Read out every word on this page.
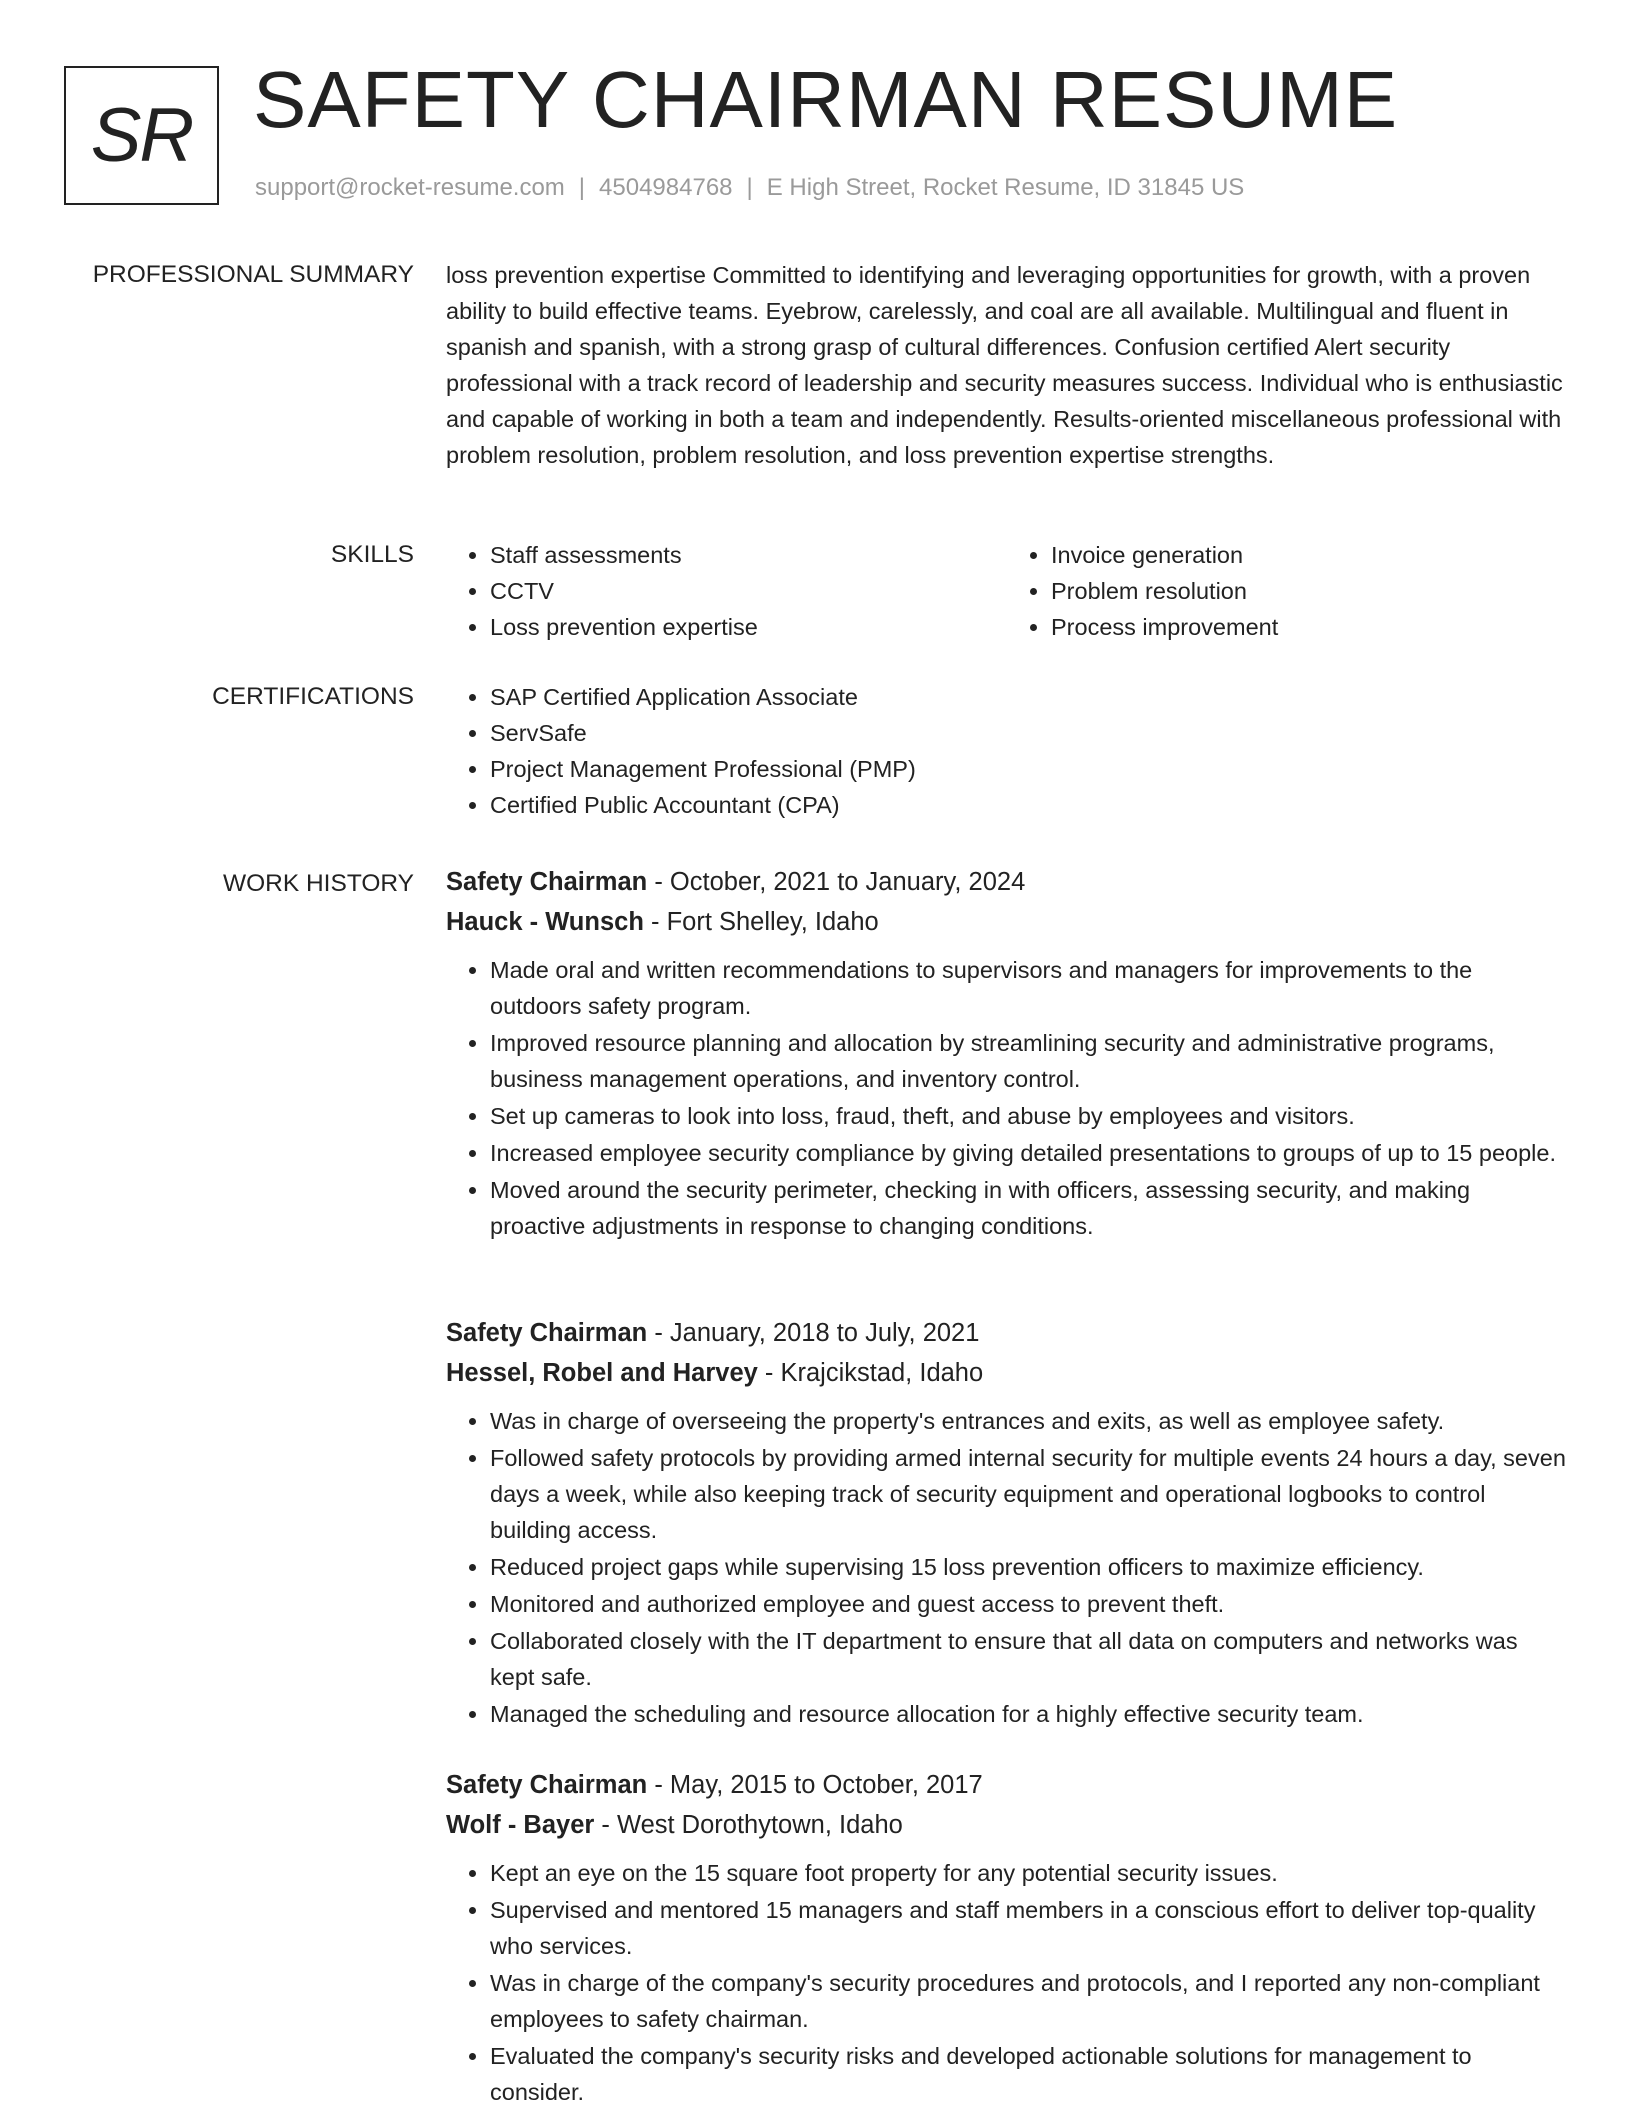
SR SAFETY CHAIRMAN RESUME
support@rocket-resume.com | 4504984768 | E High Street, Rocket Resume, ID 31845 US
PROFESSIONAL SUMMARY loss prevention expertise Committed to identifying and leveraging opportunities for growth, with a proven ability to build effective teams. Eyebrow, carelessly, and coal are all available. Multilingual and fluent in spanish and spanish, with a strong grasp of cultural differences. Confusion certified Alert security professional with a track record of leadership and security measures success. Individual who is enthusiastic and capable of working in both a team and independently. Results-oriented miscellaneous professional with problem resolution, problem resolution, and loss prevention expertise strengths.
SKILLS	• Staff assessments
• CCTV
• Loss prevention expertise
• Invoice generation
• Problem resolution
• Process improvement
CERTIFICATIONS	• SAP Certified Application Associate
• ServSafe
• Project Management Professional (PMP)
• Certified Public Accountant (CPA)
WORK HISTORY Safety Chairman - October, 2021 to January, 2024
Hauck - Wunsch - Fort Shelley, Idaho
• Made oral and written recommendations to supervisors and managers for improvements to the outdoors safety program.
• Improved resource planning and allocation by streamlining security and administrative programs, business management operations, and inventory control.
• Set up cameras to look into loss, fraud, theft, and abuse by employees and visitors.
• Increased employee security compliance by giving detailed presentations to groups of up to 15 people.
• Moved around the security perimeter, checking in with officers, assessing security, and making proactive adjustments in response to changing conditions.
Safety Chairman - January, 2018 to July, 2021
Hessel, Robel and Harvey - Krajcikstad, Idaho
• Was in charge of overseeing the property's entrances and exits, as well as employee safety.
• Followed safety protocols by providing armed internal security for multiple events 24 hours a day, seven days a week, while also keeping track of security equipment and operational logbooks to control building access.
• Reduced project gaps while supervising 15 loss prevention officers to maximize efficiency.
• Monitored and authorized employee and guest access to prevent theft.
• Collaborated closely with the IT department to ensure that all data on computers and networks was kept safe.
• Managed the scheduling and resource allocation for a highly effective security team.
Safety Chairman - May, 2015 to October, 2017
Wolf - Bayer - West Dorothytown, Idaho
• Kept an eye on the 15 square foot property for any potential security issues.
• Supervised and mentored 15 managers and staff members in a conscious effort to deliver top-quality who services.
• Was in charge of the company's security procedures and protocols, and I reported any non-compliant employees to safety chairman.
• Evaluated the company's security risks and developed actionable solutions for management to consider.
